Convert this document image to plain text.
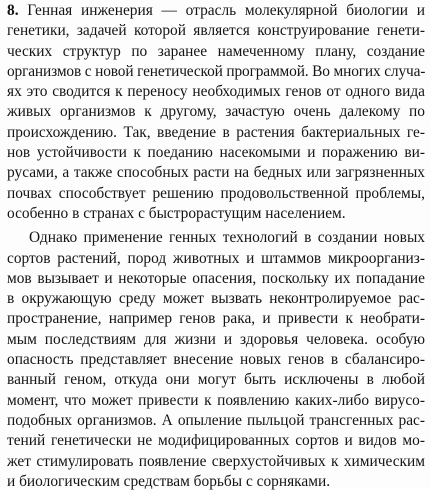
8. Генная инженерия — отрасль молекулярной биологии и
генетики, задачей которой является конструирование генети-
ческих структур по заранее намеченному плану, создание
организмов с новой генетической программой. Во многих случа-
ях это сводится к переносу необходимых генов от одного вида
живых организмов к другому, зачастую очень далекому по
происхождению. Так, введение в растения бактериальных ге-
нов устойчивости к поеданию насекомыми и поражению ви-
русами, а также способных расти на бедных или загрязненных
почвах способствует решению продовольственной проблемы,
особенно в странах с быстрорастущим населением.
Однако применение генных технологий в создании новых
сортов растений, пород животных и штаммов микроорганиз-
мов вызывает и некоторые опасения, поскольку их попадание
в окружающую среду может вызвать неконтролируемое рас-
пространение, например генов рака, и привести к необрати-
мым последствиям для жизни и здоровья человека. особую
опасность представляет внесение новых генов в сбалансиро-
ванный геном, откуда они могут быть исключены в любой
момент, что может привести к появлению каких-либо вирусо-
подобных организмов. А опыление пыльцой трансгенных рас-
тений генетически не модифицированных сортов и видов мо-
жет стимулировать появление сверхустойчивых к химическим
и биологическим средствам борьбы с сорняками.
